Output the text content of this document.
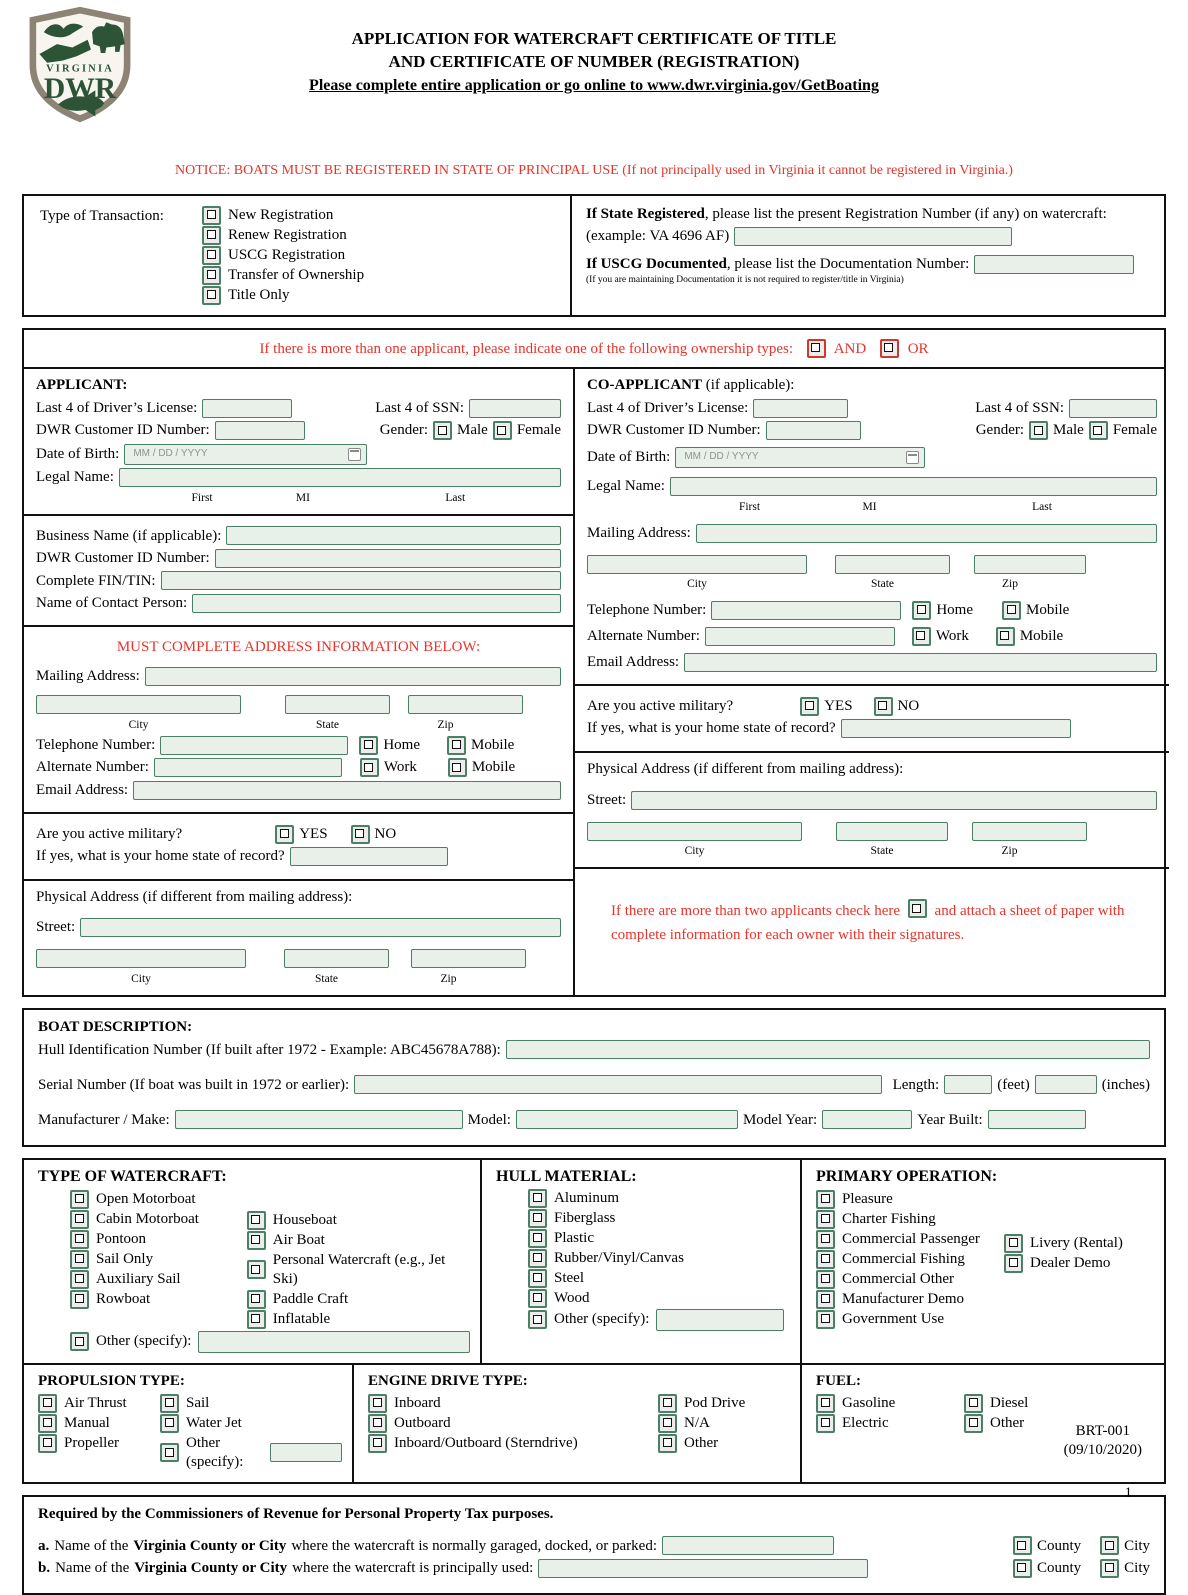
VIRGINIA
DWR
APPLICATION FOR WATERCRAFT CERTIFICATE OF TITLE
AND CERTIFICATE OF NUMBER (REGISTRATION)
Please complete entire application or go online to www.dwr.virginia.gov/GetBoating
NOTICE: BOATS MUST BE REGISTERED IN STATE OF PRINCIPAL USE (If not principally used in Virginia it cannot be registered in Virginia.)
Type of Transaction:	New Registration
Renew Registration
USCG Registration
Transfer of Ownership
Title Only
If State Registered, please list the present Registration Number (if any) on watercraft:
(example: VA 4696 AF)
If USCG Documented, please list the Documentation Number:
(If you are maintaining Documentation it is not required to register/title in Virginia)
If there is more than one applicant, please indicate one of the following ownership types:	AND	OR
APPLICANT:
Last 4 of Driver’s License:	Last 4 of SSN:
DWR Customer ID Number:	Gender: Male Female
Date of Birth: MM / DD / YYYY
Legal Name:
First	MI	Last
Business Name (if applicable):
DWR Customer ID Number:
Complete FIN/TIN:
Name of Contact Person:
MUST COMPLETE ADDRESS INFORMATION BELOW:
Mailing Address:
City	State	Zip
Telephone Number:	Home	Mobile
Alternate Number:	Work	Mobile
Email Address:
Are you active military?	YES	NO
If yes, what is your home state of record?
Physical Address (if different from mailing address):
Street:
City	State	Zip
CO-APPLICANT (if applicable):
Last 4 of Driver’s License:	Last 4 of SSN:
DWR Customer ID Number:	Gender: Male Female
Date of Birth: MM / DD / YYYY
Legal Name:
First	MI	Last
Mailing Address:
City	State	Zip
Telephone Number:	Home	Mobile
Alternate Number:	Work	Mobile
Email Address:
Are you active military?	YES	NO
If yes, what is your home state of record?
Physical Address (if different from mailing address):
Street:
City	State	Zip
If there are more than two applicants check here and attach a sheet of paper with complete information for each owner with their signatures.
BOAT DESCRIPTION:
Hull Identification Number (If built after 1972 - Example: ABC45678A788):
Serial Number (If boat was built in 1972 or earlier):	Length:	(feet)	(inches)
Manufacturer / Make:	Model:	Model Year:	Year Built:
TYPE OF WATERCRAFT:
Open Motorboat
Cabin Motorboat
Pontoon
Sail Only
Auxiliary Sail
Rowboat
Houseboat
Air Boat
Personal Watercraft (e.g., Jet Ski)
Paddle Craft
Inflatable
Other (specify):
HULL MATERIAL:
Aluminum
Fiberglass
Plastic
Rubber/Vinyl/Canvas
Steel
Wood
Other (specify):
PRIMARY OPERATION:
Pleasure
Charter Fishing
Commercial Passenger
Commercial Fishing
Commercial Other
Manufacturer Demo
Government Use
Livery (Rental)
Dealer Demo
PROPULSION TYPE:
Air Thrust
Manual
Propeller
Sail
Water Jet
Other (specify):
ENGINE DRIVE TYPE:
Inboard
Outboard
Inboard/Outboard (Sterndrive)
Pod Drive
N/A
Other
FUEL:
Gasoline
Electric
Diesel
Other
Required by the Commissioners of Revenue for Personal Property Tax purposes.
a. Name of the Virginia County or City where the watercraft is normally garaged, docked, or parked:	County	City
b. Name of the Virginia County or City where the watercraft is principally used:	County	City
BRT-001
(09/10/2020)
1
